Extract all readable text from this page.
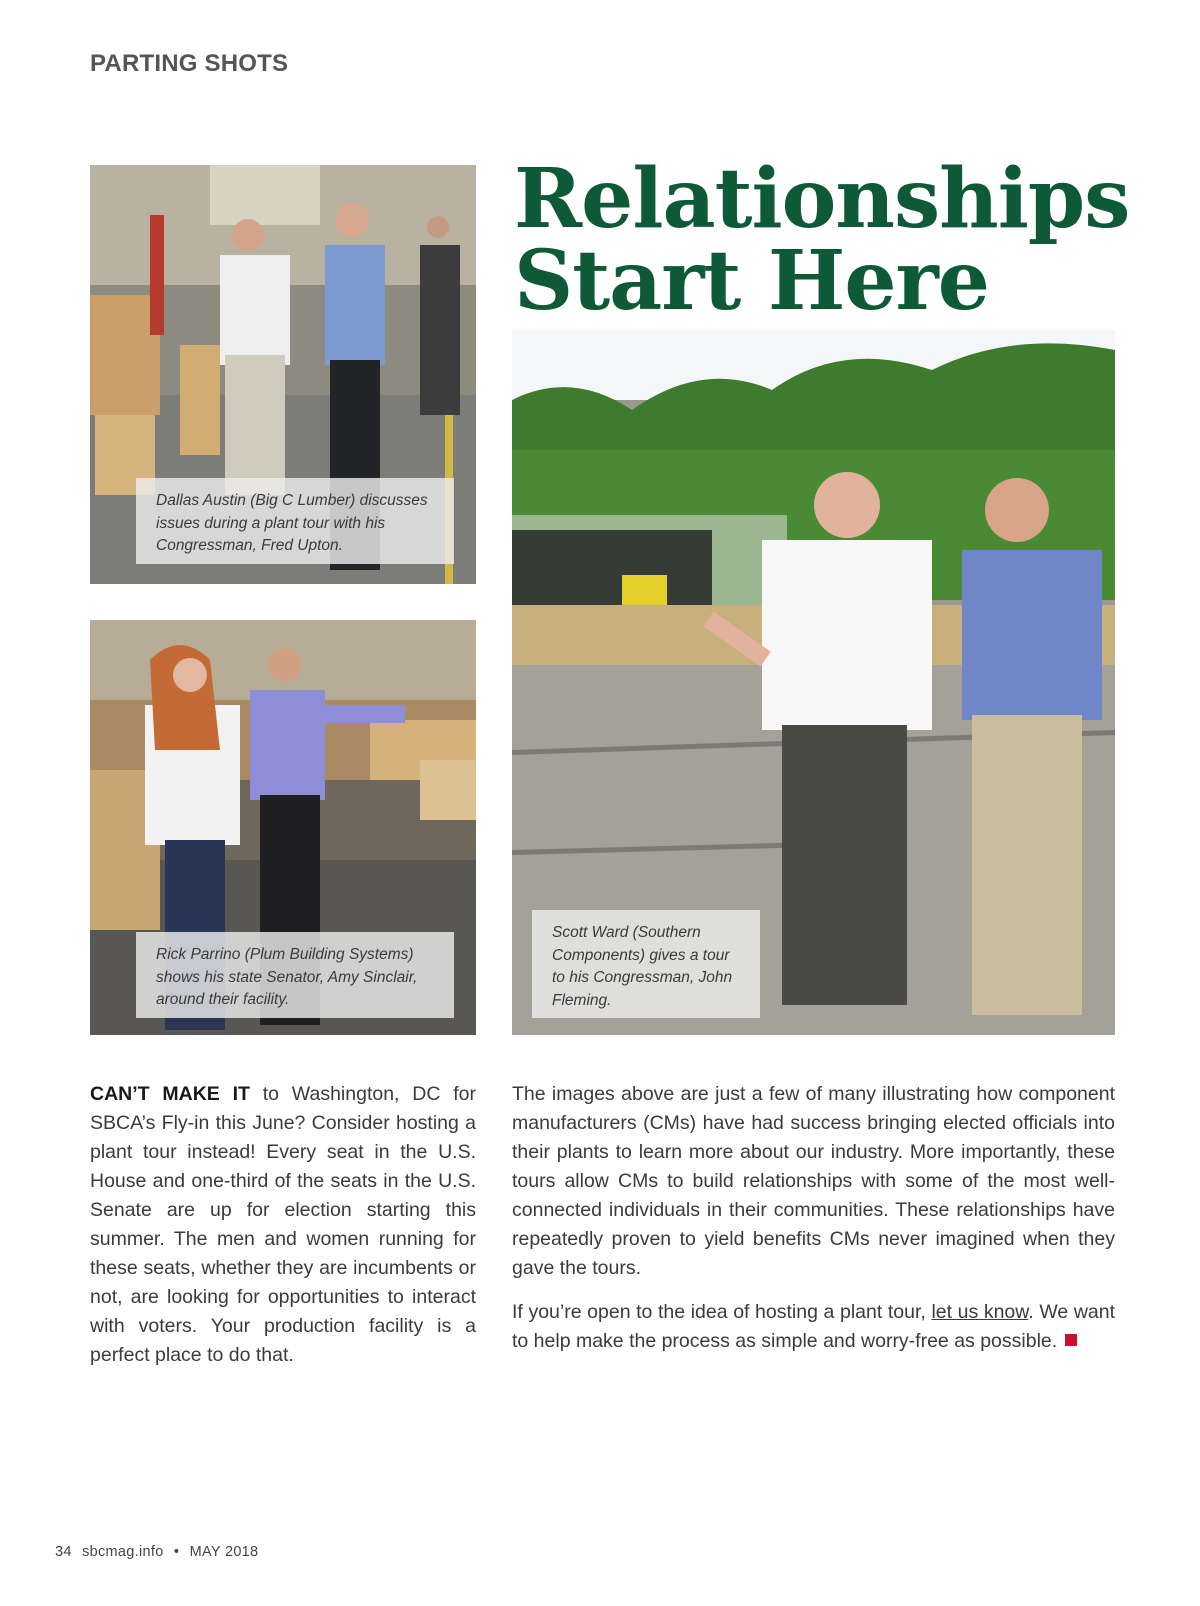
PARTING SHOTS
Relationships
Start Here
Dallas Austin (Big C Lumber) discusses issues during a plant tour with his Congressman, Fred Upton.
Rick Parrino (Plum Building Systems) shows his state Senator, Amy Sinclair, around their facility.
Scott Ward (Southern Components) gives a tour to his Congressman, John Fleming.
CAN’T MAKE IT to Washington, DC for SBCA’s Fly-in this June? Consider hosting a plant tour instead! Every seat in the U.S. House and one-third of the seats in the U.S. Senate are up for election starting this summer. The men and women running for these seats, whether they are incumbents or not, are looking for opportunities to interact with voters. Your production facility is a perfect place to do that.

The images above are just a few of many illustrating how component manufacturers (CMs) have had success bringing elected officials into their plants to learn more about our industry. More importantly, these tours allow CMs to build relationships with some of the most well-connected individuals in their communities. These relationships have repeatedly proven to yield benefits CMs never imagined when they gave the tours.

If you’re open to the idea of hosting a plant tour, let us know. We want to help make the process as simple and worry-free as possible.

34 sbcmag.info • MAY 2018
